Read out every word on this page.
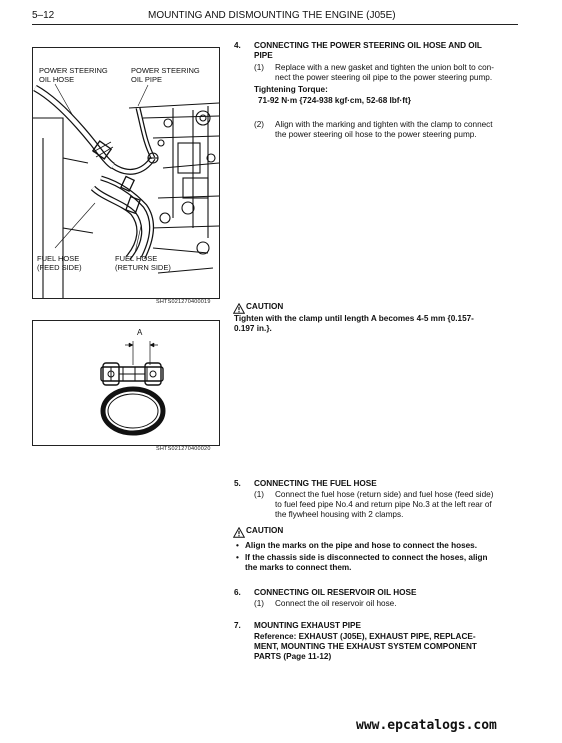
5–12	MOUNTING AND DISMOUNTING THE ENGINE (J05E)
POWER STEERING
OIL HOSE
POWER STEERING
OIL PIPE
FUEL HOSE
(FEED SIDE)
FUEL HOSE
(RETURN SIDE)
SHTS021270400019
A
SHTS021270400020
4. CONNECTING THE POWER STEERING OIL HOSE AND OIL
PIPE
(1) Replace with a new gasket and tighten the union bolt to con-
nect the power steering oil pipe to the power steering pump.
Tightening Torque:
71-92 N·m {724-938 kgf·cm, 52-68 lbf·ft}
(2) Align with the marking and tighten with the clamp to connect
the power steering oil hose to the power steering pump.
CAUTION
Tighten with the clamp until length A becomes 4-5 mm {0.157-
0.197 in.}.
5. CONNECTING THE FUEL HOSE
(1) Connect the fuel hose (return side) and fuel hose (feed side)
to fuel feed pipe No.4 and return pipe No.3 at the left rear of
the flywheel housing with 2 clamps.
CAUTION
• Align the marks on the pipe and hose to connect the hoses.
• If the chassis side is disconnected to connect the hoses, align
the marks to connect them.
6. CONNECTING OIL RESERVOIR OIL HOSE
(1) Connect the oil reservoir oil hose.
7. MOUNTING EXHAUST PIPE
Reference: EXHAUST (J05E), EXHAUST PIPE, REPLACE-
MENT, MOUNTING THE EXHAUST SYSTEM COMPONENT
PARTS (Page 11-12)
www.epcatalogs.com
